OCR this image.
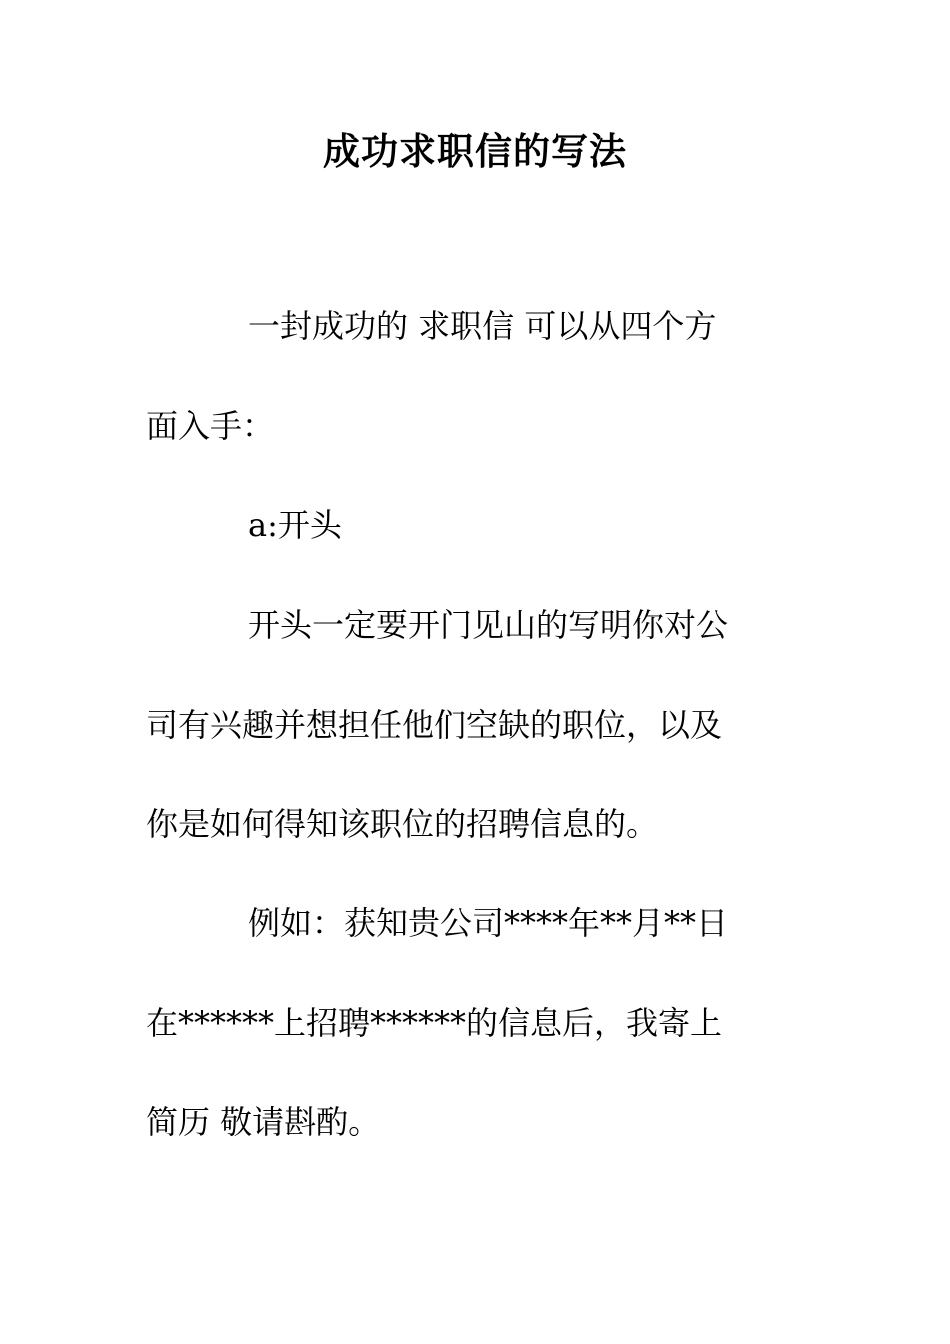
成功求职信的写法
一封成功的 求职信 可以从四个方
面入手：
a:开头
开头一定要开门见山的写明你对公
司有兴趣并想担任他们空缺的职位，以及
你是如何得知该职位的招聘信息的。
例如：获知贵公司****年**月**日
在******上招聘******的信息后，我寄上
简历 敬请斟酌。
